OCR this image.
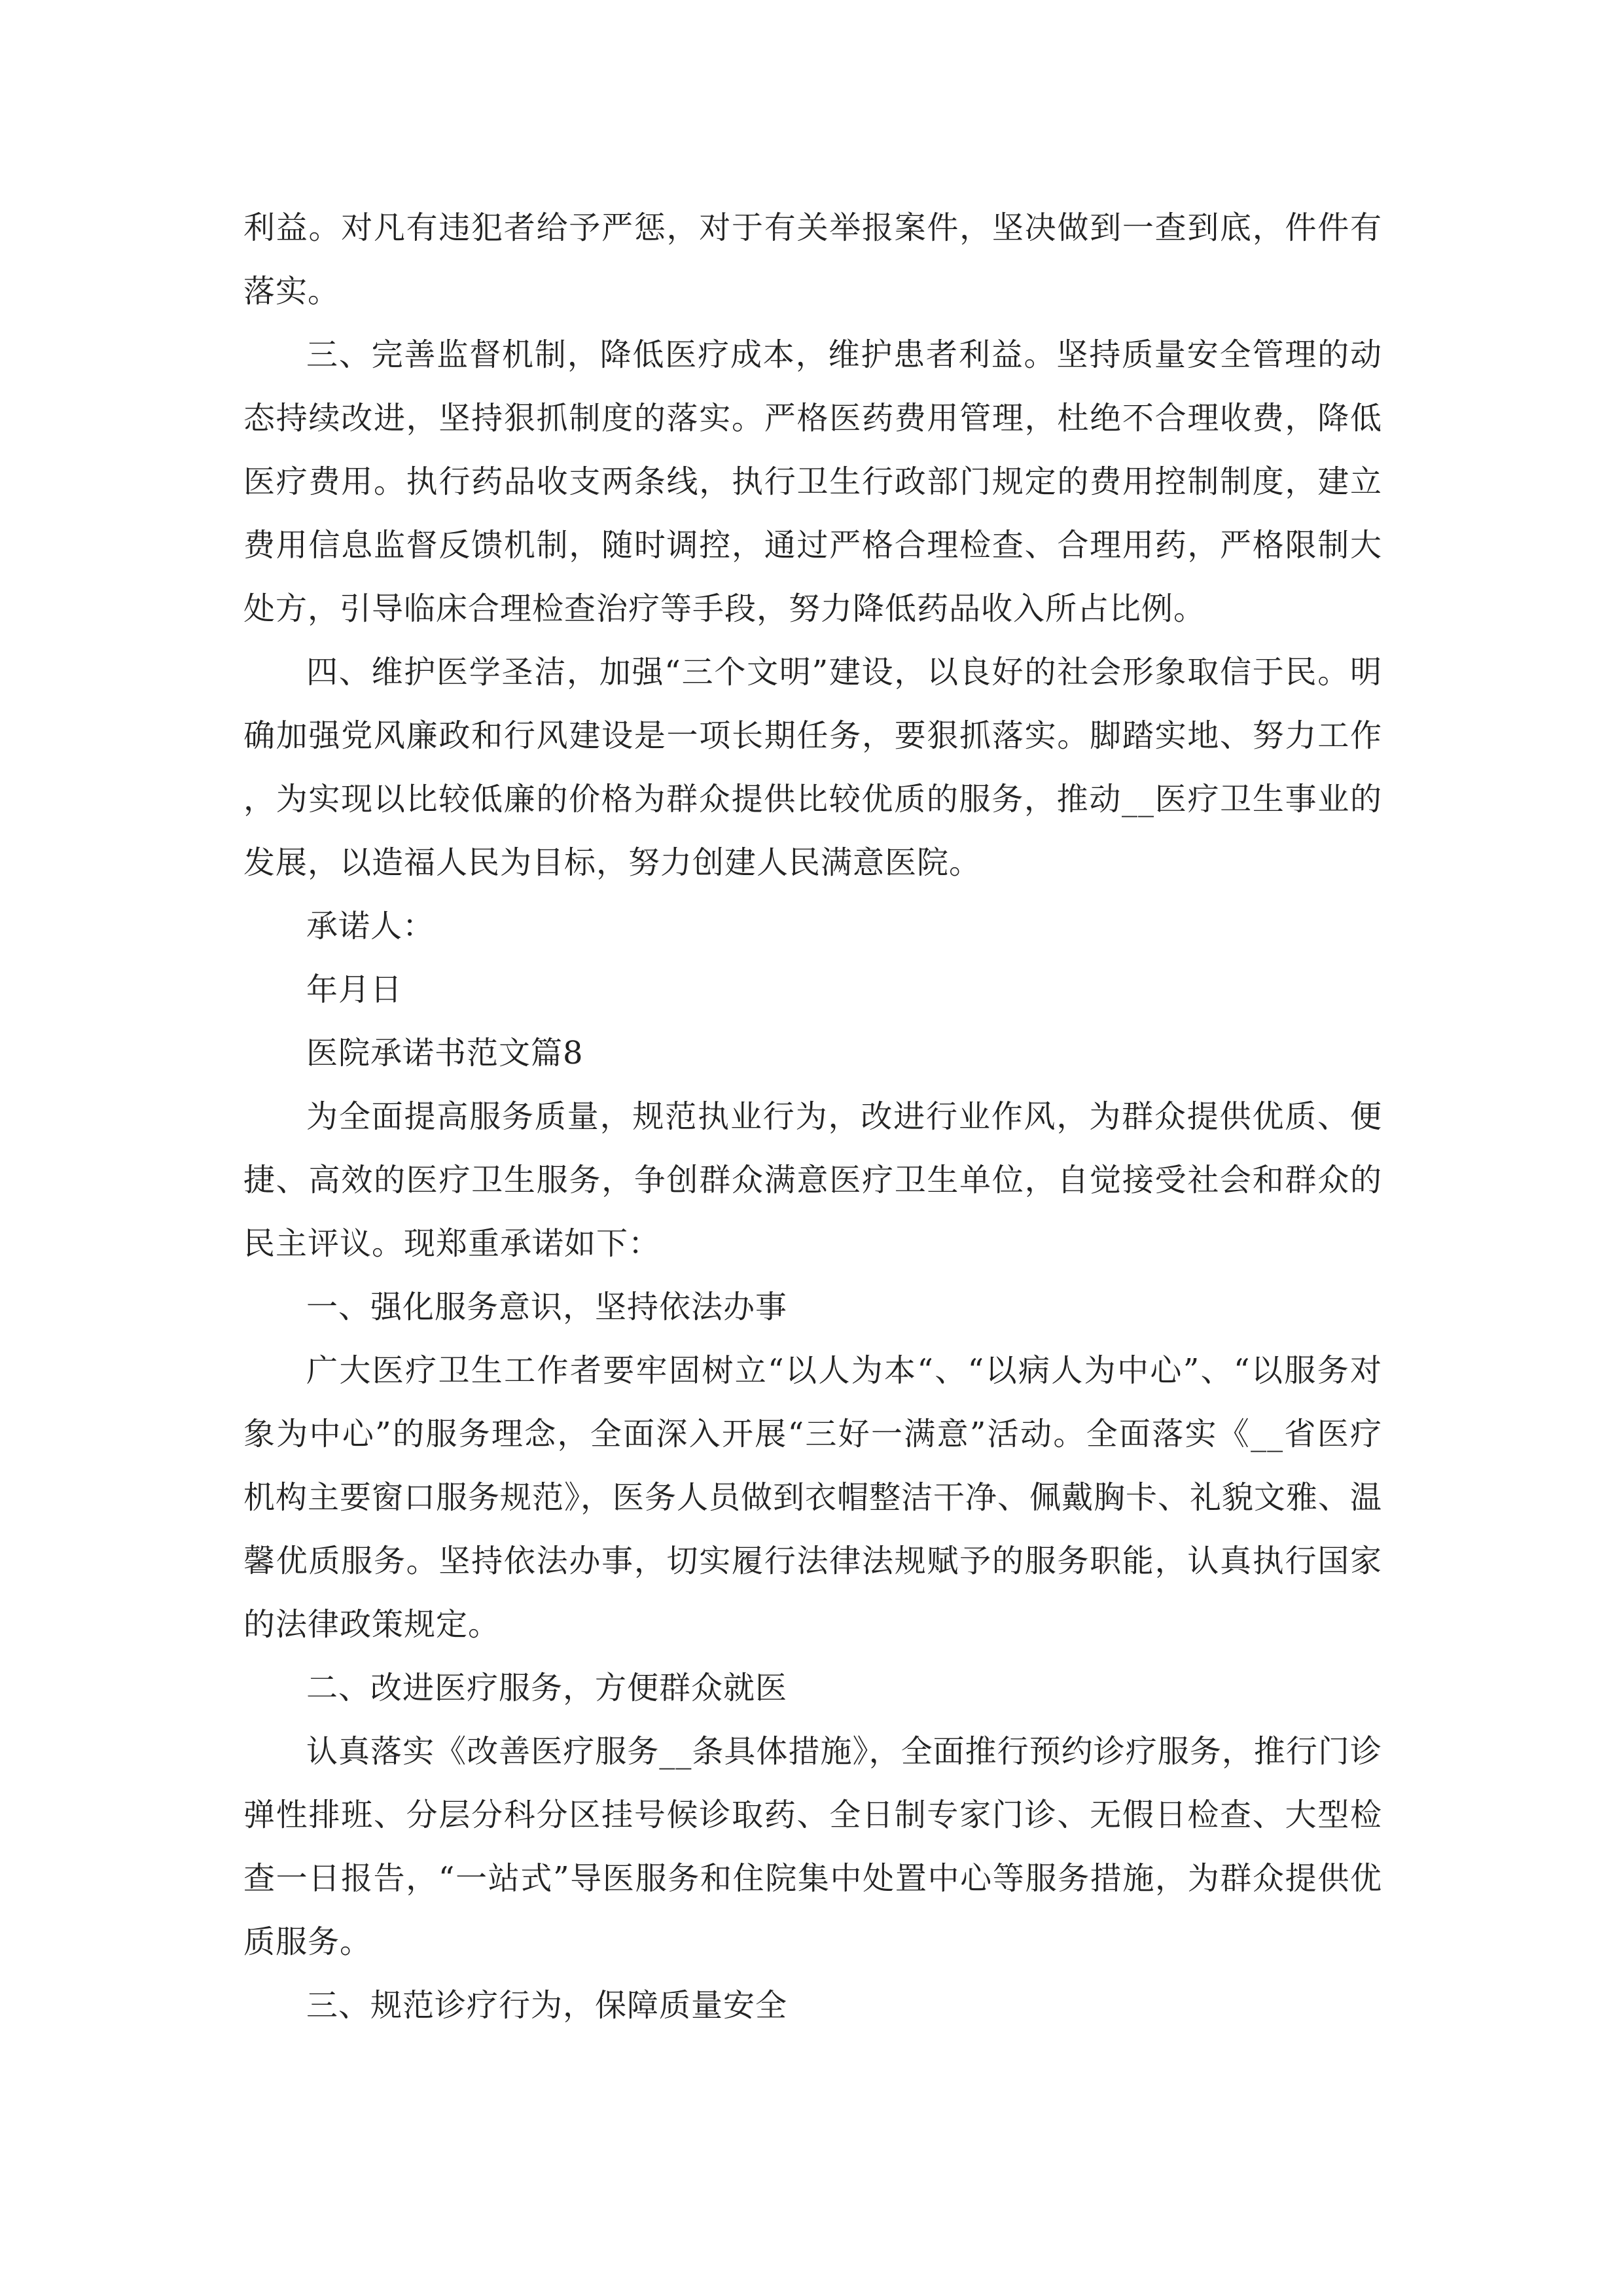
利益。对凡有违犯者给予严惩，对于有关举报案件，坚决做到一查到底，件件有落实。

三、完善监督机制，降低医疗成本，维护患者利益。坚持质量安全管理的动态持续改进，坚持狠抓制度的落实。严格医药费用管理，杜绝不合理收费，降低医疗费用。执行药品收支两条线，执行卫生行政部门规定的费用控制制度，建立费用信息监督反馈机制，随时调控，通过严格合理检查、合理用药，严格限制大处方，引导临床合理检查治疗等手段，努力降低药品收入所占比例。

四、维护医学圣洁，加强“三个文明”建设，以良好的社会形象取信于民。明确加强党风廉政和行风建设是一项长期任务，要狠抓落实。脚踏实地、努力工作，为实现以比较低廉的价格为群众提供比较优质的服务，推动__医疗卫生事业的发展，以造福人民为目标，努力创建人民满意医院。

承诺人：

年月日

医院承诺书范文篇8

为全面提高服务质量，规范执业行为，改进行业作风，为群众提供优质、便捷、高效的医疗卫生服务，争创群众满意医疗卫生单位，自觉接受社会和群众的民主评议。现郑重承诺如下：

一、强化服务意识，坚持依法办事

广大医疗卫生工作者要牢固树立“以人为本“、“以病人为中心”、“以服务对象为中心”的服务理念，全面深入开展“三好一满意”活动。全面落实《__省医疗机构主要窗口服务规范》，医务人员做到衣帽整洁干净、佩戴胸卡、礼貌文雅、温馨优质服务。坚持依法办事，切实履行法律法规赋予的服务职能，认真执行国家的法律政策规定。

二、改进医疗服务，方便群众就医

认真落实《改善医疗服务__条具体措施》，全面推行预约诊疗服务，推行门诊弹性排班、分层分科分区挂号候诊取药、全日制专家门诊、无假日检查、大型检查一日报告，“一站式”导医服务和住院集中处置中心等服务措施，为群众提供优质服务。

三、规范诊疗行为，保障质量安全
